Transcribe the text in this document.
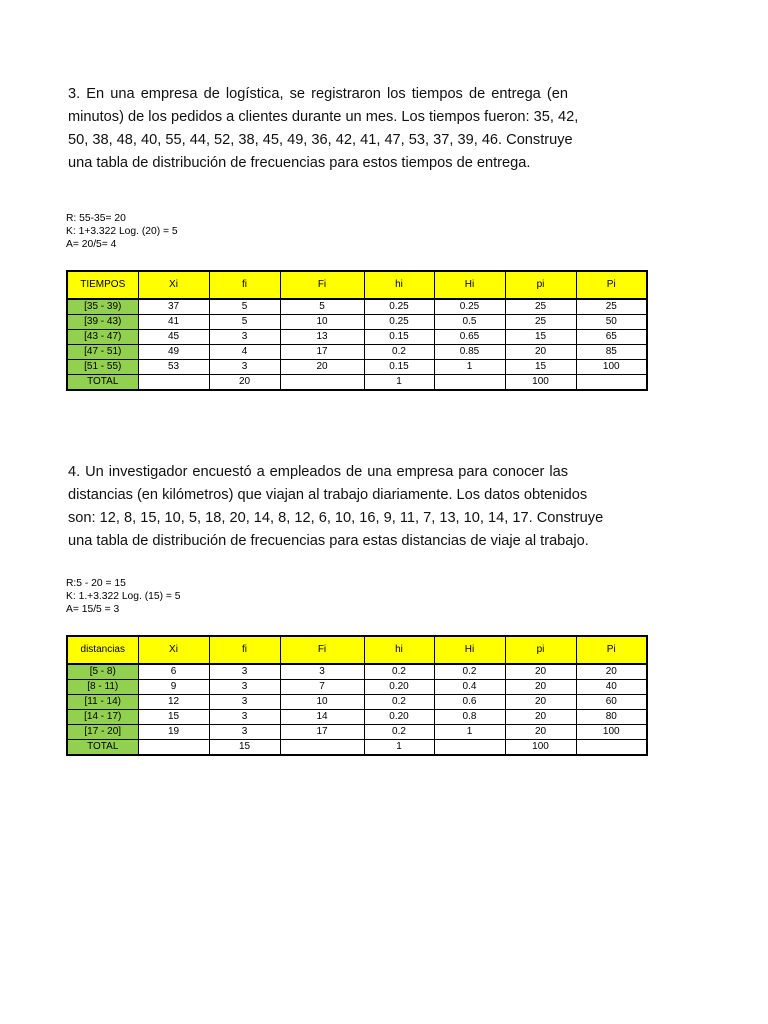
3. En una empresa de logística, se registraron los tiempos de entrega (en
minutos) de los pedidos a clientes durante un mes. Los tiempos fueron: 35, 42,
50, 38, 48, 40, 55, 44, 52, 38, 45, 49, 36, 42, 41, 47, 53, 37, 39, 46. Construye
una tabla de distribución de frecuencias para estos tiempos de entrega.
R: 55-35= 20
K: 1+3.322 Log. (20) = 5
A= 20/5= 4
TIEMPOS	Xi	fi	Fi	hi	Hi	pi	Pi
[35 - 39)	37	5	5	0.25	0.25	25	25
[39 - 43)	41	5	10	0.25	0.5	25	50
[43 - 47)	45	3	13	0.15	0.65	15	65
[47 - 51)	49	4	17	0.2	0.85	20	85
[51 - 55)	53	3	20	0.15	1	15	100
TOTAL		20		1		100	
4. Un investigador encuestó a empleados de una empresa para conocer las
distancias (en kilómetros) que viajan al trabajo diariamente. Los datos obtenidos
son: 12, 8, 15, 10, 5, 18, 20, 14, 8, 12, 6, 10, 16, 9, 11, 7, 13, 10, 14, 17. Construye
una tabla de distribución de frecuencias para estas distancias de viaje al trabajo.
R:5 - 20 = 15
K: 1.+3.322 Log. (15) = 5
A= 15/5 = 3
distancias	Xi	fi	Fi	hi	Hi	pi	Pi
[5 - 8)	6	3	3	0.2	0.2	20	20
[8 - 11)	9	3	7	0.20	0.4	20	40
[11 - 14)	12	3	10	0.2	0.6	20	60
[14 - 17)	15	3	14	0.20	0.8	20	80
[17 - 20]	19	3	17	0.2	1	20	100
TOTAL		15		1		100	
